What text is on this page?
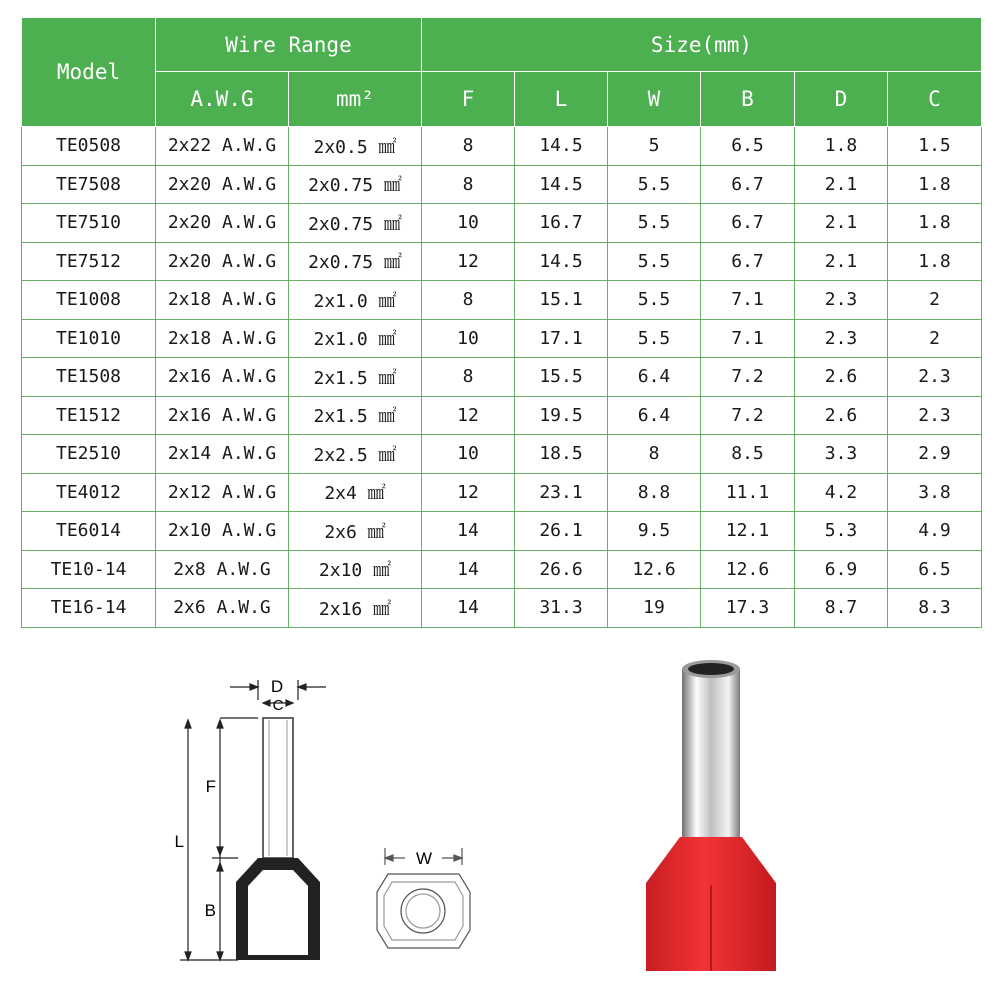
Model	Wire Range		Size(mm)					
	A.W.G	mm²	F	L	W	B	D	C
TE0508	2x22 A.W.G	2x0.5 ㎟	8	14.5	5	6.5	1.8	1.5
TE7508	2x20 A.W.G	2x0.75 ㎟	8	14.5	5.5	6.7	2.1	1.8
TE7510	2x20 A.W.G	2x0.75 ㎟	10	16.7	5.5	6.7	2.1	1.8
TE7512	2x20 A.W.G	2x0.75 ㎟	12	14.5	5.5	6.7	2.1	1.8
TE1008	2x18 A.W.G	2x1.0 ㎟	8	15.1	5.5	7.1	2.3	2
TE1010	2x18 A.W.G	2x1.0 ㎟	10	17.1	5.5	7.1	2.3	2
TE1508	2x16 A.W.G	2x1.5 ㎟	8	15.5	6.4	7.2	2.6	2.3
TE1512	2x16 A.W.G	2x1.5 ㎟	12	19.5	6.4	7.2	2.6	2.3
TE2510	2x14 A.W.G	2x2.5 ㎟	10	18.5	8	8.5	3.3	2.9
TE4012	2x12 A.W.G	2x4 ㎟	12	23.1	8.8	11.1	4.2	3.8
TE6014	2x10 A.W.G	2x6 ㎟	14	26.1	9.5	12.1	5.3	4.9
TE10-14	2x8 A.W.G	2x10 ㎟	14	26.6	12.6	12.6	6.9	6.5
TE16-14	2x6 A.W.G	2x16 ㎟	14	31.3	19	17.3	8.7	8.3
D
C
F
L
B
W
